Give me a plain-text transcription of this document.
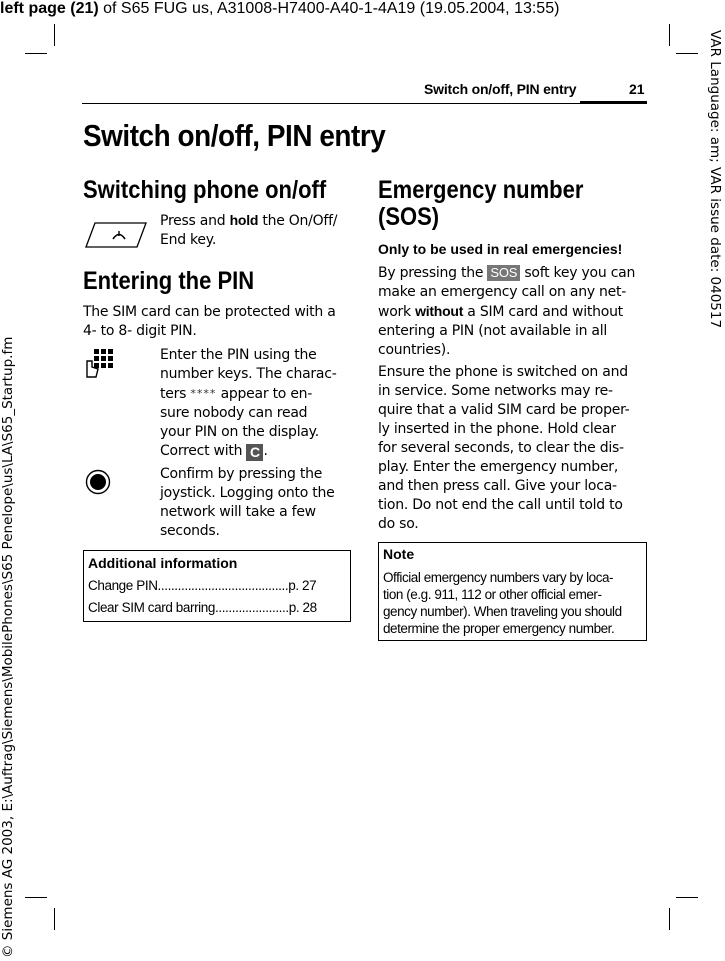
left page (21) of S65 FUG us, A31008-H7400-A40-1-4A19 (19.05.2004, 13:55)
VAR Language: am; VAR issue date: 040517
© Siemens AG 2003, E:\Auftrag\Siemens\MobilePhones\S65 Penelope\us\LA\S65_Startup.fm
Switch on/off, PIN entry	21
Switch on/off, PIN entry
Switching phone on/off
Press and hold the On/Off/
End key.
Entering the PIN
The SIM card can be protected with a
4- to 8- digit PIN.
Enter the PIN using the
number keys. The charac-
ters **** appear to en-
sure nobody can read
your PIN on the display.
Correct with C .
Confirm by pressing the
joystick. Logging onto the
network will take a few
seconds.
Additional information
Change PIN.......................................p. 27
Clear SIM card barring......................p. 28
Emergency number
(SOS)
Only to be used in real emergencies!
By pressing the SOS soft key you can
make an emergency call on any net-
work without a SIM card and without
entering a PIN (not available in all
countries).
Ensure the phone is switched on and
in service. Some networks may re-
quire that a valid SIM card be proper-
ly inserted in the phone. Hold clear
for several seconds, to clear the dis-
play. Enter the emergency number,
and then press call. Give your loca-
tion. Do not end the call until told to
do so.
Note
Official emergency numbers vary by loca-
tion (e.g. 911, 112 or other official emer-
gency number). When traveling you should
determine the proper emergency number.
